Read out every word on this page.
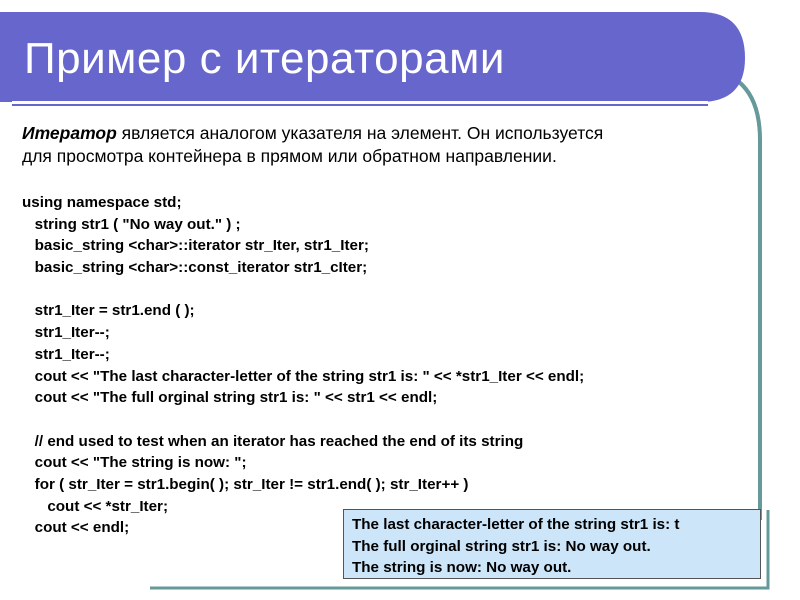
Пример с итераторами

Итератор является аналогом указателя на элемент. Он используется

для просмотра контейнера в прямом или обратном направлении.

using namespace std;
string str1 ( "No way out." ) ;
basic_string <char>::iterator str_Iter, str1_Iter;
basic_string <char>::const_iterator str1_cIter;
str1_Iter = str1.end ( );
str1_Iter--;
str1_Iter--;
cout << "The last character-letter of the string str1 is: " << *str1_Iter << endl;
cout << "The full orginal string str1 is: " << str1 << endl;
// end used to test when an iterator has reached the end of its string
cout << "The string is now: ";
for ( str_Iter = str1.begin( ); str_Iter != str1.end( ); str_Iter++ )
cout << *str_Iter;
cout << endl;	The last character-letter of the string str1 is: t
The full orginal string str1 is: No way out.
The string is now: No way out.
